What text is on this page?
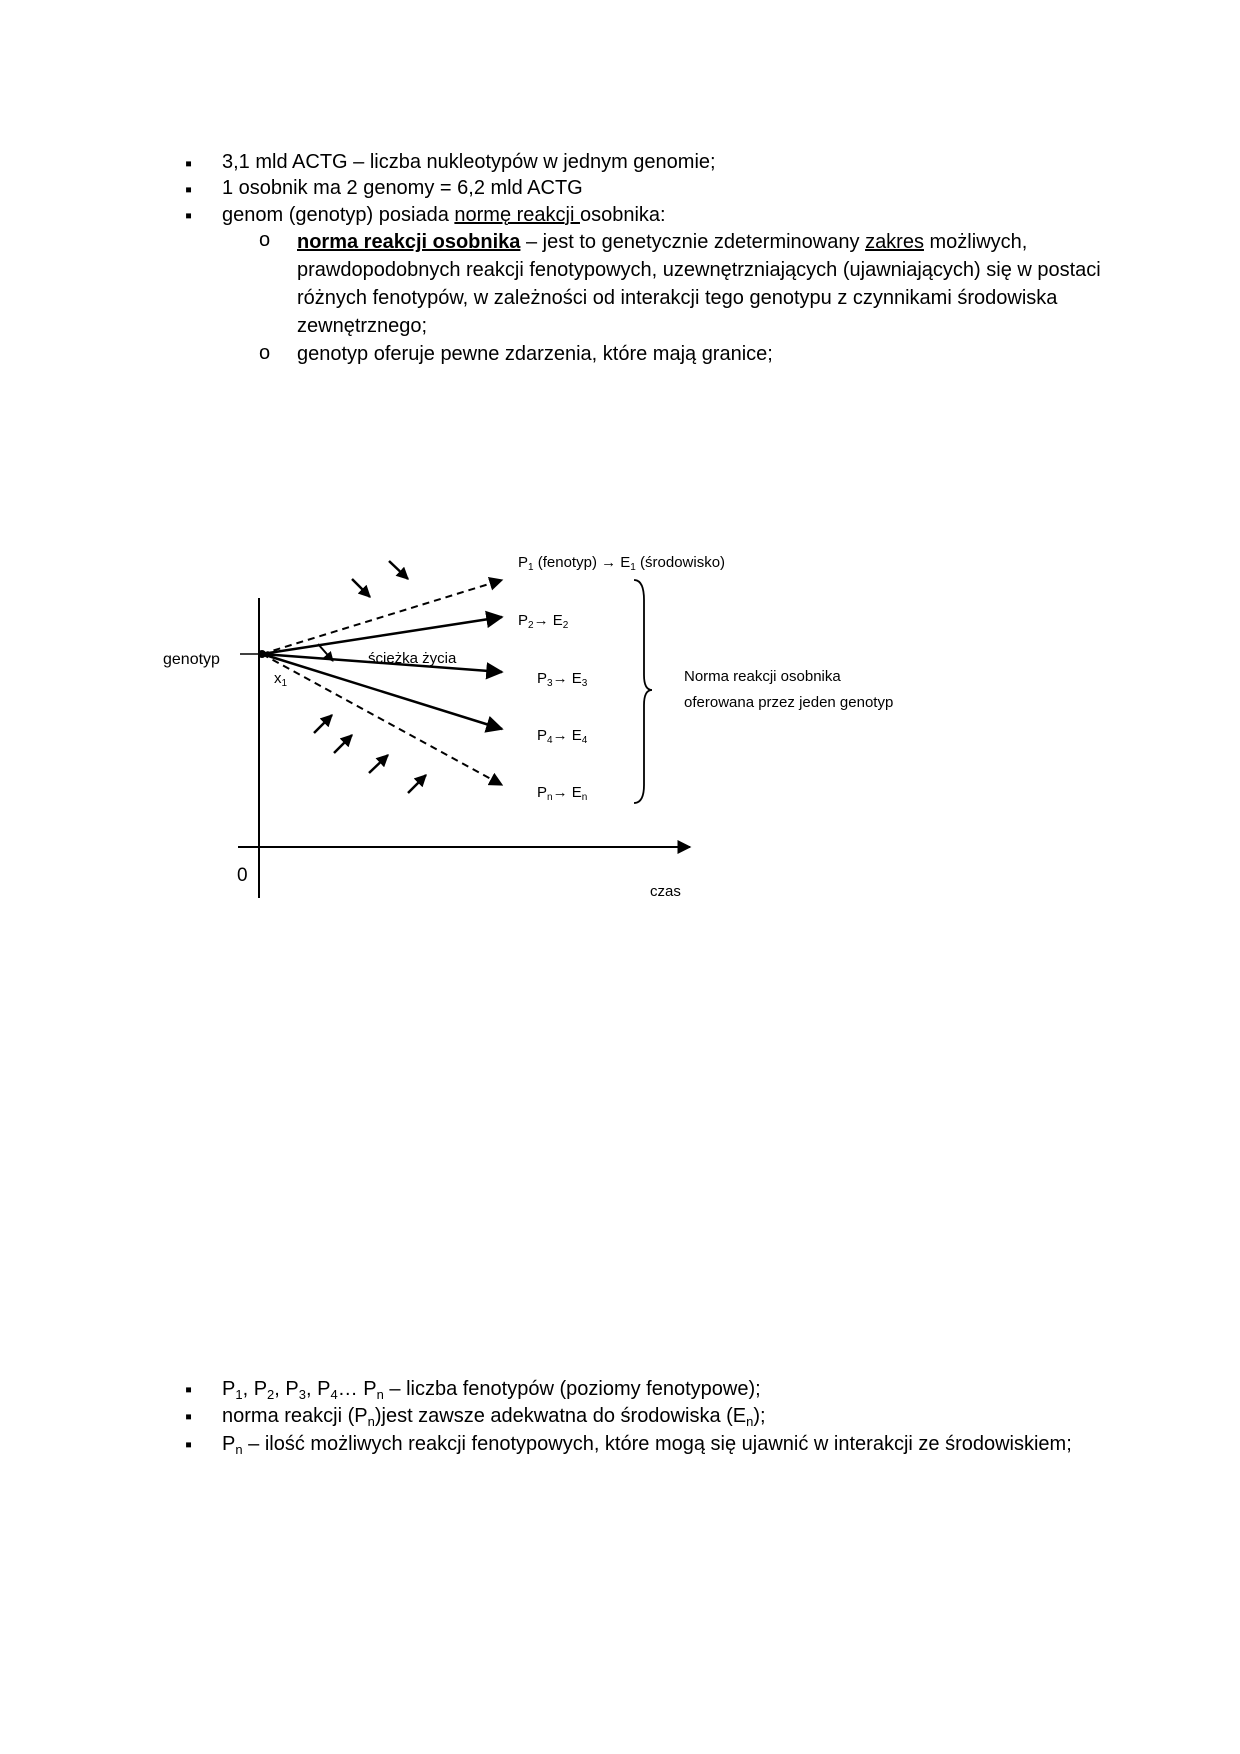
▪ 3,1 mld ACTG – liczba nukleotypów w jednym genomie;
▪ 1 osobnik ma 2 genomy = 6,2 mld ACTG
▪ genom (genotyp) posiada normę reakcji osobnika:
o norma reakcji osobnika – jest to genetycznie zdeterminowany zakres możliwych, prawdopodobnych reakcji fenotypowych, uzewnętrzniających (ujawniających) się w postaci różnych fenotypów, w zależności od interakcji tego genotypu z czynnikami środowiska zewnętrznego;
o genotyp oferuje pewne zdarzenia, które mają granice;
genotyp
0
czas
ścieżka życia
$x_1$
$P_1$ (fenotyp) → $E_1$ (środowisko)
$P_2\to E_2$
$P_3\to E_3$
$P_4\to E_4$
$P_n\to E_n$
Norma reakcji osobnika
oferowana przez jeden genotyp
▪ $P_1$, $P_2$, $P_3$, $P_4\dots$ $P_n$ – liczba fenotypów (poziomy fenotypowe);
▪ norma reakcji $(P_n)jest$ zawsze adekwatna do środowiska $(E_n)$;
▪ $P_n$ – ilość możliwych reakcji fenotypowych, które mogą się ujawnić w interakcji ze środowiskiem;
